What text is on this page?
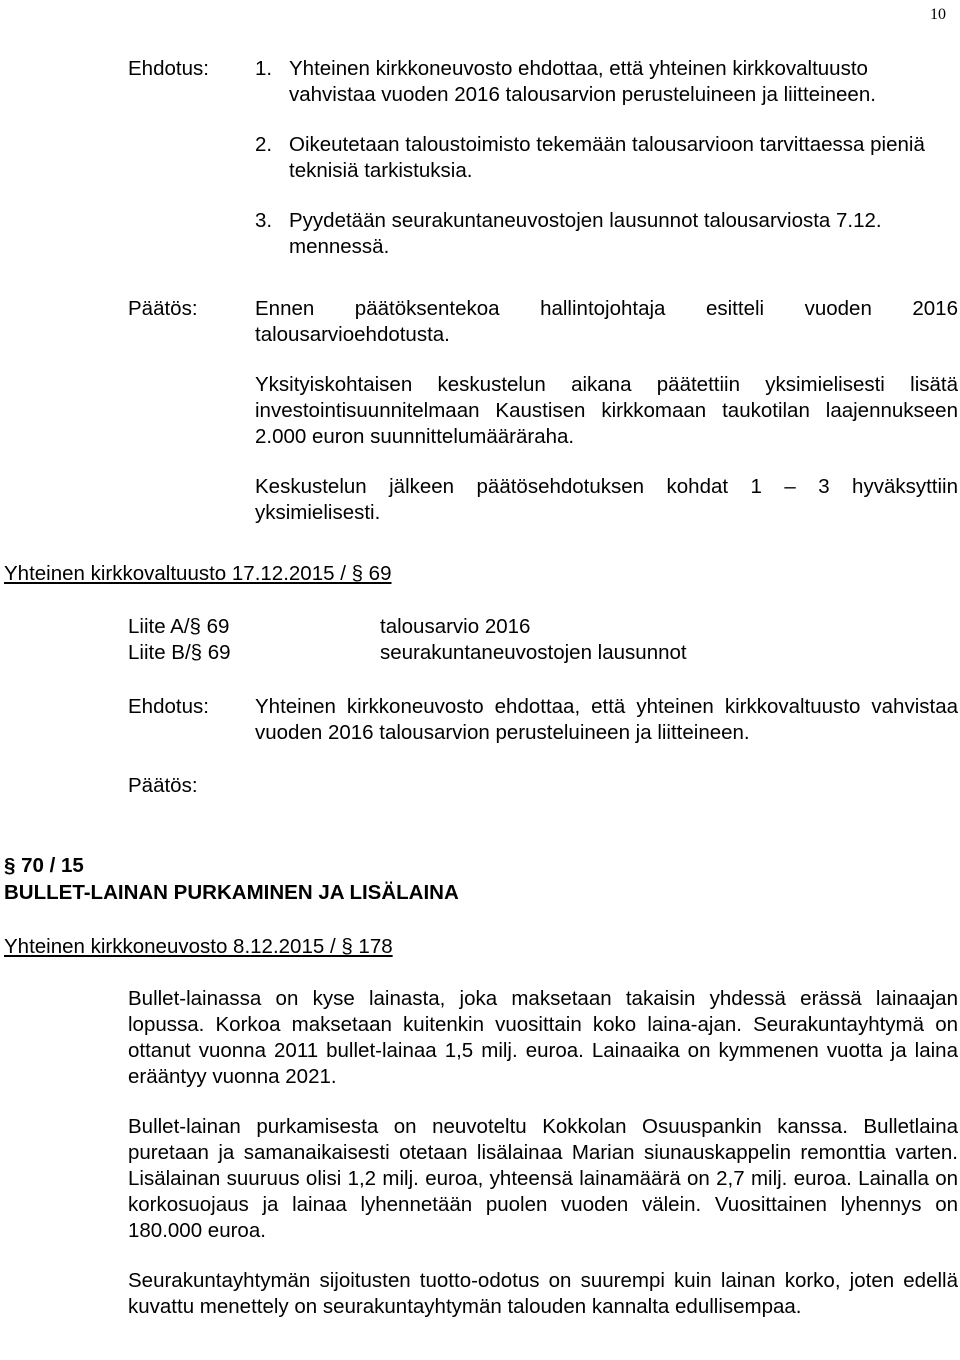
10
Ehdotus: 1. Yhteinen kirkkoneuvosto ehdottaa, että yhteinen kirkkovaltuusto vahvistaa vuoden 2016 talousarvion perusteluineen ja liitteineen.
2. Oikeutetaan taloustoimisto tekemään talousarvioon tarvittaessa pieniä teknisiä tarkistuksia.
3. Pyydetään seurakuntaneuvostojen lausunnot talousarviosta 7.12. mennessä.
Päätös:	Ennen päätöksentekoa hallintojohtaja esitteli vuoden 2016 talousarvioehdotusta.

Yksityiskohtaisen keskustelun aikana päätettiin yksimielisesti lisätä investointisuunnitelmaan Kaustisen kirkkomaan taukotilan laajennukseen 2.000 euron suunnittelumääräraha.

Keskustelun jälkeen päätösehdotuksen kohdat 1 – 3 hyväksyttiin yksimielisesti.

Yhteinen kirkkovaltuusto 17.12.2015 / § 69
Liite A/§ 69	talousarvio 2016
Liite B/§ 69	seurakuntaneuvostojen lausunnot
Ehdotus: Yhteinen kirkkoneuvosto ehdottaa, että yhteinen kirkkovaltuusto vahvistaa vuoden 2016 talousarvion perusteluineen ja liitteineen.

Päätös:
§ 70 / 15
BULLET-LAINAN PURKAMINEN JA LISÄLAINA
Yhteinen kirkkoneuvosto 8.12.2015 / § 178

Bullet-lainassa on kyse lainasta, joka maksetaan takaisin yhdessä erässä lainaajan lopussa. Korkoa maksetaan kuitenkin vuosittain koko laina-ajan. Seurakuntayhtymä on ottanut vuonna 2011 bullet-lainaa 1,5 milj. euroa. Lainaaika on kymmenen vuotta ja laina erääntyy vuonna 2021.

Bullet-lainan purkamisesta on neuvoteltu Kokkolan Osuuspankin kanssa. Bulletlaina puretaan ja samanaikaisesti otetaan lisälainaa Marian siunauskappelin remonttia varten. Lisälainan suuruus olisi 1,2 milj. euroa, yhteensä lainamäärä on 2,7 milj. euroa. Lainalla on korkosuojaus ja lainaa lyhennetään puolen vuoden välein. Vuosittainen lyhennys on 180.000 euroa.

Seurakuntayhtymän sijoitusten tuotto-odotus on suurempi kuin lainan korko, joten edellä kuvattu menettely on seurakuntayhtymän talouden kannalta edullisempaa.
